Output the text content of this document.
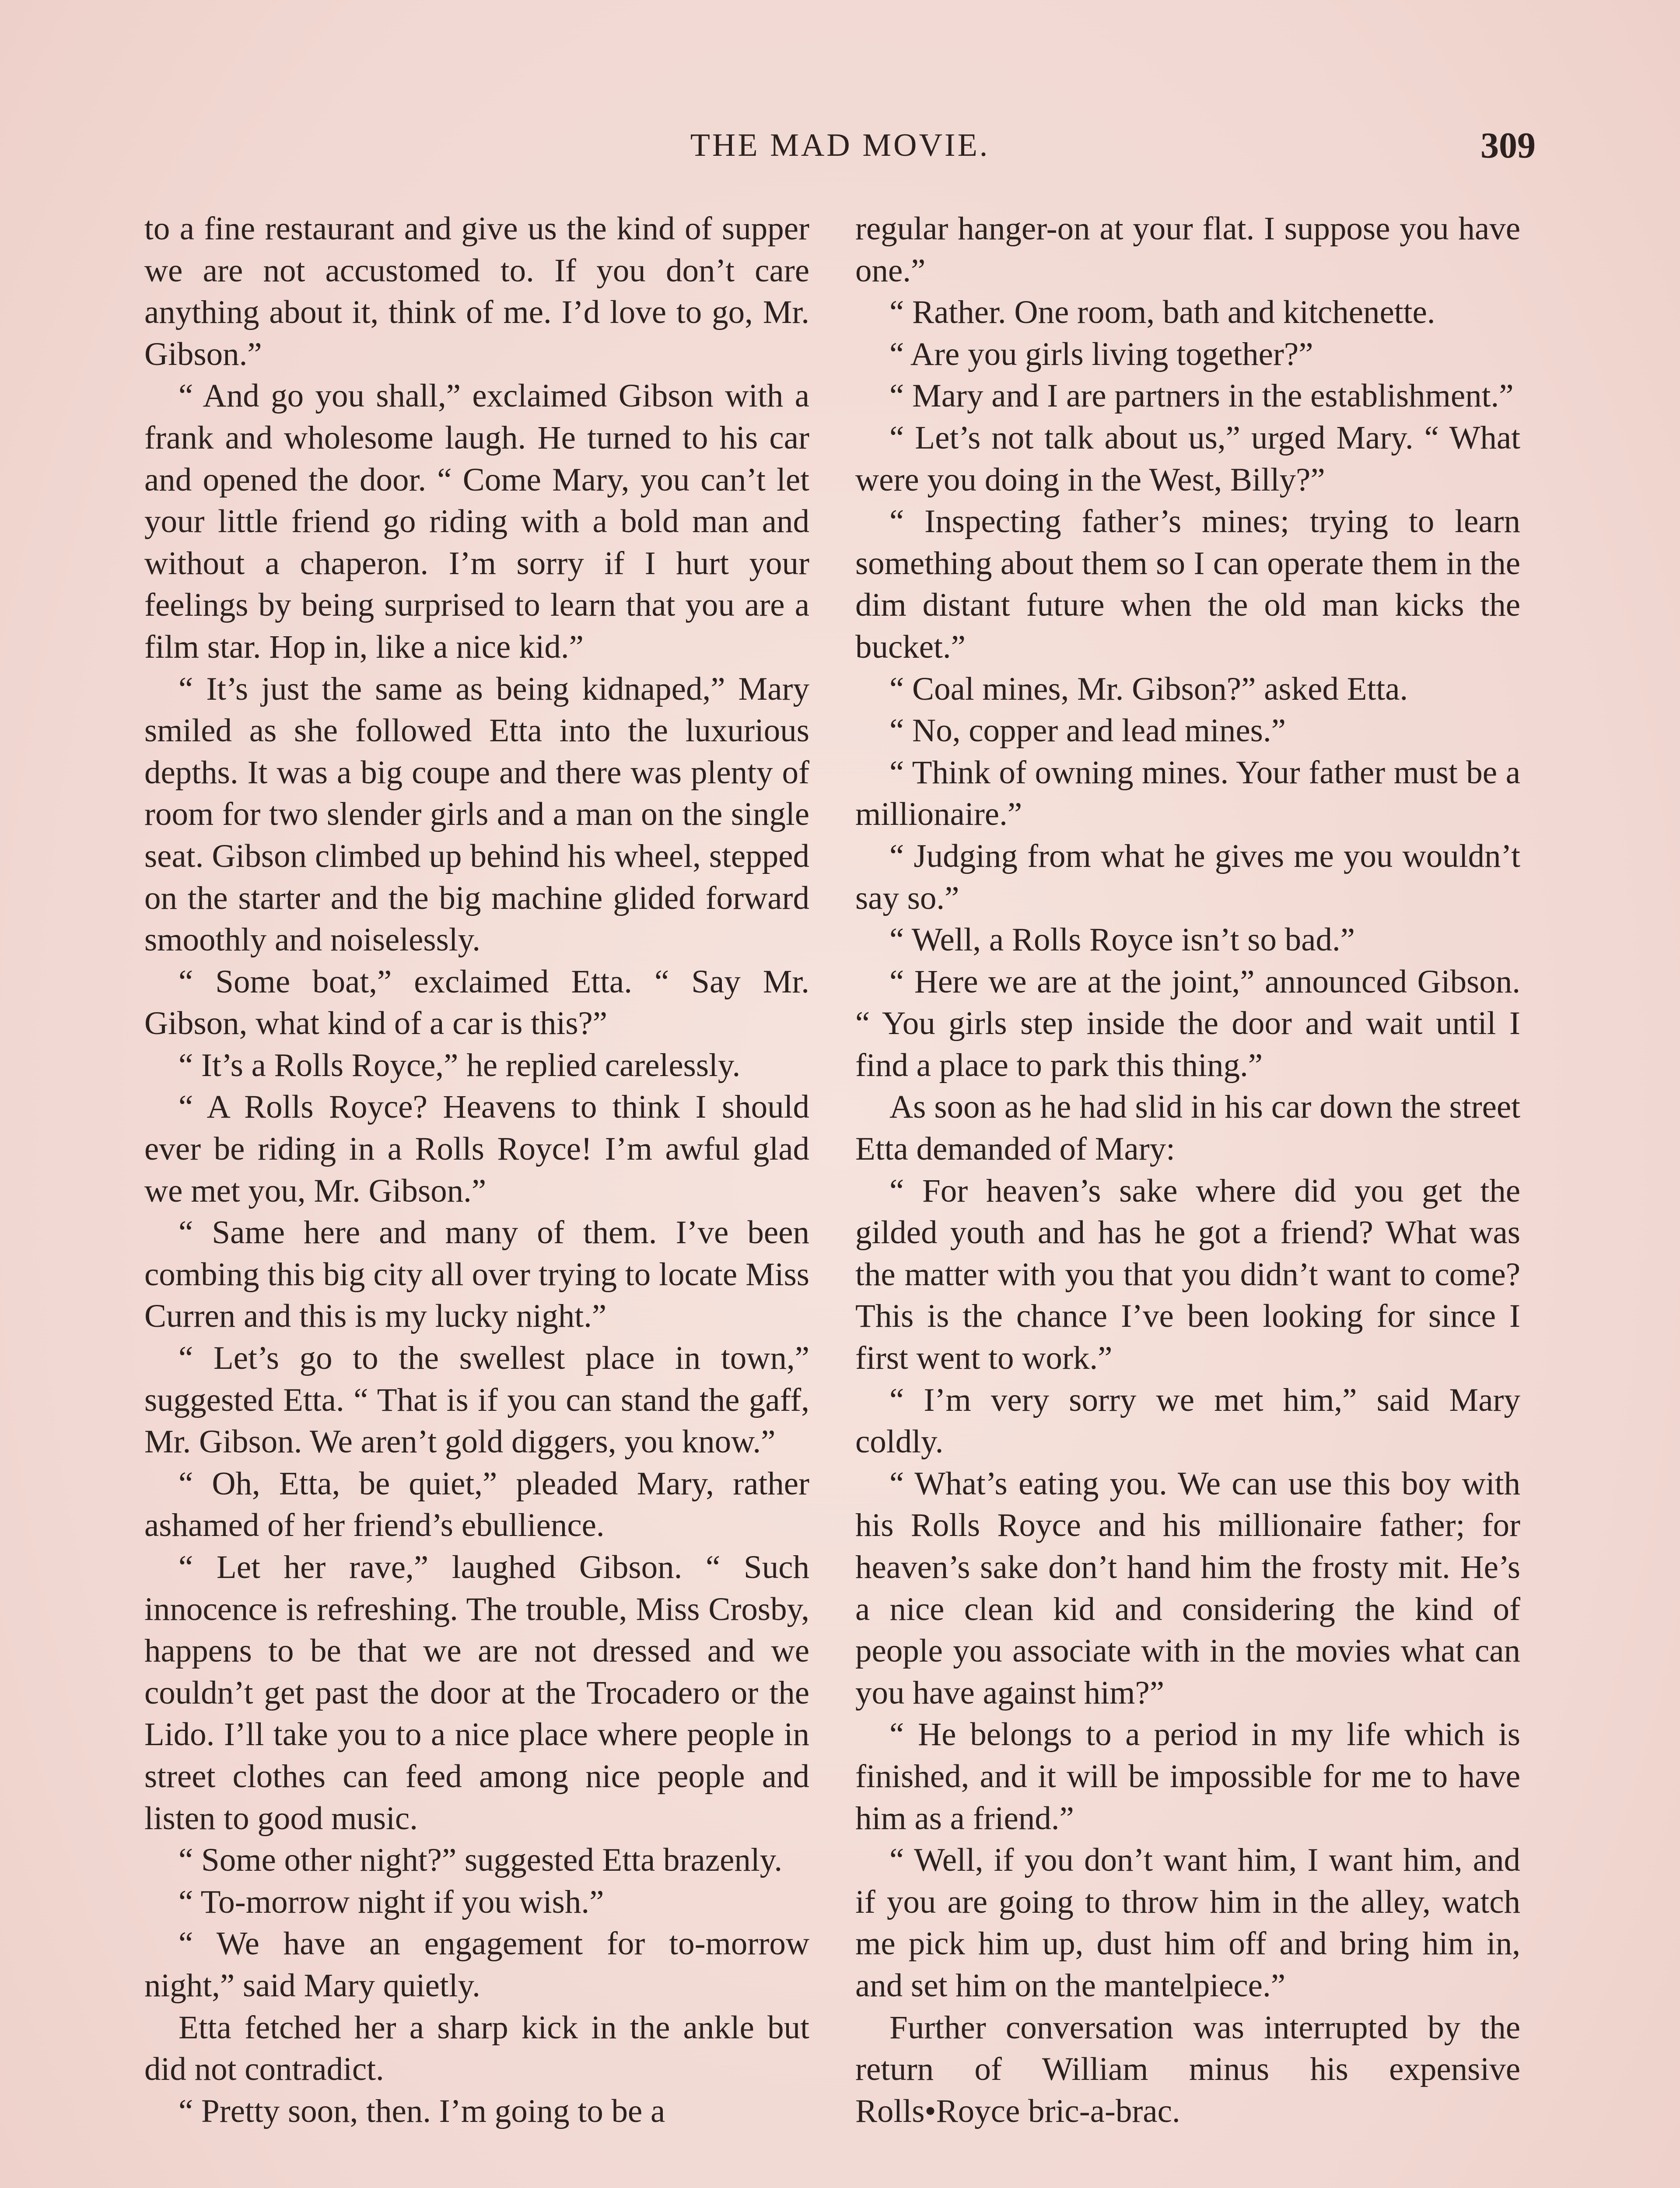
THE MAD MOVIE.	309

to a fine restaurant and give us the kind of supper we are not accustomed to. If you don’t care anything about it, think of me. I’d love to go, Mr. Gibson.”

“ And go you shall,” exclaimed Gibson with a frank and wholesome laugh. He turned to his car and opened the door. “ Come Mary, you can’t let your little friend go riding with a bold man and without a chaperon. I’m sorry if I hurt your feelings by being surprised to learn that you are a film star. Hop in, like a nice kid.”

“ It’s just the same as being kidnaped,” Mary smiled as she followed Etta into the luxurious depths. It was a big coupe and there was plenty of room for two slender girls and a man on the single seat. Gibson climbed up behind his wheel, stepped on the starter and the big machine glided forward smoothly and noiselessly.

“ Some boat,” exclaimed Etta. “ Say Mr. Gibson, what kind of a car is this?”

“ It’s a Rolls Royce,” he replied carelessly.

“ A Rolls Royce? Heavens to think I should ever be riding in a Rolls Royce! I’m awful glad we met you, Mr. Gibson.”

“ Same here and many of them. I’ve been combing this big city all over trying to locate Miss Curren and this is my lucky night.”

“ Let’s go to the swellest place in town,” suggested Etta. “ That is if you can stand the gaff, Mr. Gibson. We aren’t gold diggers, you know.”

“ Oh, Etta, be quiet,” pleaded Mary, rather ashamed of her friend’s ebullience.

“ Let her rave,” laughed Gibson. “ Such innocence is refreshing. The trouble, Miss Crosby, happens to be that we are not dressed and we couldn’t get past the door at the Trocadero or the Lido. I’ll take you to a nice place where people in street clothes can feed among nice people and listen to good music.

“ Some other night?” suggested Etta brazenly.

“ To-morrow night if you wish.”

“ We have an engagement for to-morrow night,” said Mary quietly.

Etta fetched her a sharp kick in the ankle but did not contradict.

“ Pretty soon, then. I’m going to be a

regular hanger-on at your flat. I suppose you have one.”

“ Rather. One room, bath and kitchenette.

“ Are you girls living together?”

“ Mary and I are partners in the establishment.”

“ Let’s not talk about us,” urged Mary. “ What were you doing in the West, Billy?”

“ Inspecting father’s mines; trying to learn something about them so I can operate them in the dim distant future when the old man kicks the bucket.”

“ Coal mines, Mr. Gibson?” asked Etta.

“ No, copper and lead mines.”

“ Think of owning mines. Your father must be a millionaire.”

“ Judging from what he gives me you wouldn’t say so.”

“ Well, a Rolls Royce isn’t so bad.”

“ Here we are at the joint,” announced Gibson. “ You girls step inside the door and wait until I find a place to park this thing.”

As soon as he had slid in his car down the street Etta demanded of Mary:

“ For heaven’s sake where did you get the gilded youth and has he got a friend? What was the matter with you that you didn’t want to come? This is the chance I’ve been looking for since I first went to work.”

“ I’m very sorry we met him,” said Mary coldly.

“ What’s eating you. We can use this boy with his Rolls Royce and his millionaire father; for heaven’s sake don’t hand him the frosty mit. He’s a nice clean kid and considering the kind of people you associate with in the movies what can you have against him?”

“ He belongs to a period in my life which is finished, and it will be impossible for me to have him as a friend.”

“ Well, if you don’t want him, I want him, and if you are going to throw him in the alley, watch me pick him up, dust him off and bring him in, and set him on the mantelpiece.”

Further conversation was interrupted by the return of William minus his expensive Rolls•Royce bric-a-brac.
